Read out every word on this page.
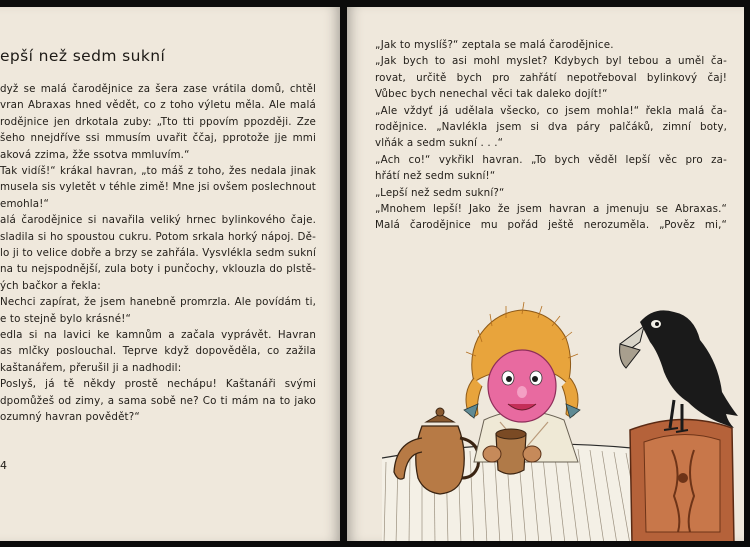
epší než sedm sukní
dyž se malá čarodějnice za šera zase vrátila domů, chtěl
vran Abraxas hned vědět, co z toho výletu měla. Ale malá
rodějnice jen drkotala zuby: „Tto tti ppovím ppozději. Zze
šeho nnejdříve ssi mmusím uvařit ččaj, pprotože jje mmi
aková zzima, žže ssotva mmluvím.“
Tak vidíš!“ krákal havran, „to máš z toho, žes nedala jinak
musela sis vyletět v téhle zimě! Mne jsi ovšem poslechnout
emohla!“
alá čarodějnice si navařila veliký hrnec bylinkového čaje.
sladila si ho spoustou cukru. Potom srkala horký nápoj. Dě-
lo ji to velice dobře a brzy se zahřála. Vysvlékla sedm sukní
na tu nejspodnější, zula boty i punčochy, vklouzla do plstě-
ých bačkor a řekla:
Nechci zapírat, že jsem hanebně promrzla. Ale povídám ti,
e to stejně bylo krásné!“
edla si na lavici ke kamnům a začala vyprávět. Havran
as mlčky poslouchal. Teprve když dopověděla, co zažila
kaštanářem, přerušil ji a nadhodil:
Poslyš, já tě někdy prostě nechápu! Kaštanáři svými
dpomůžeš od zimy, a sama sobě ne? Co ti mám na to jako
ozumný havran povědět?“
4
„Jak to myslíš?“ zeptala se malá čarodějnice.
„Jak bych to asi mohl myslet? Kdybych byl tebou a uměl ča-
rovat, určitě bych pro zahřátí nepotřeboval bylinkový čaj!
Vůbec bych nenechal věci tak daleko dojít!“
„Ale vždyť já udělala všecko, co jsem mohla!“ řekla malá ča-
rodějnice. „Navlékla jsem si dva páry palčáků, zimní boty,
vlňák a sedm sukní . . .“
„Ach co!“ vykřikl havran. „To bych věděl lepší věc pro za-
hřátí než sedm sukní!“
„Lepší než sedm sukní?“
„Mnohem lepší! Jako že jsem havran a jmenuju se Abraxas.“
Malá čarodějnice mu pořád ještě nerozuměla. „Pověz mi,“
